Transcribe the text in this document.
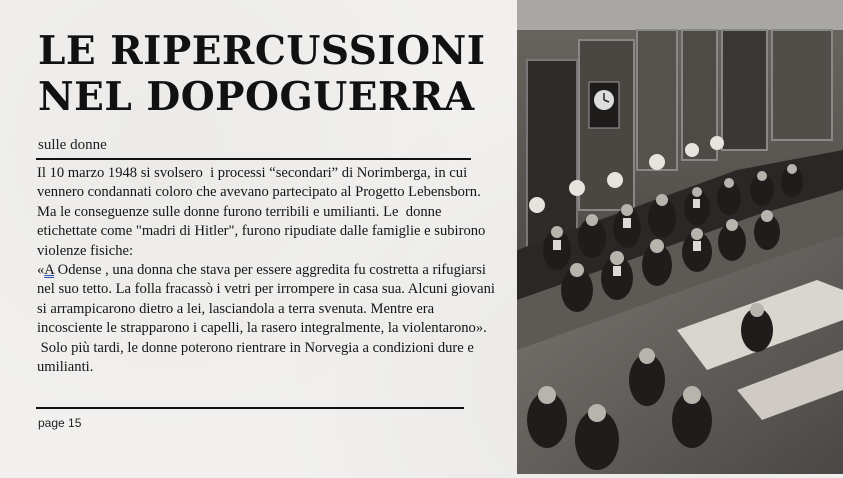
LE RIPERCUSSIONI
NEL DOPOGUERRA
sulle donne

Il 10 marzo 1948 si svolsero  i processi “secondari” di Norimberga, in cui vennero condannati coloro che avevano partecipato al Progetto Lebensborn. Ma le conseguenze sulle donne furono terribili e umilianti. Le  donne etichettate come "madri di Hitler", furono ripudiate dalle famiglie e subirono violenze fisiche:

«A Odense , una donna che stava per essere aggredita fu costretta a rifugiarsi nel suo tetto. La folla fracassò i vetri per irrompere in casa sua. Alcuni giovani si arrampicarono dietro a lei, lasciandola a terra svenuta. Mentre era incosciente le strapparono i capelli, la rasero integralmente, la violentarono».

Solo più tardi, le donne poterono rientrare in Norvegia a condizioni dure e umilianti.

page 15
